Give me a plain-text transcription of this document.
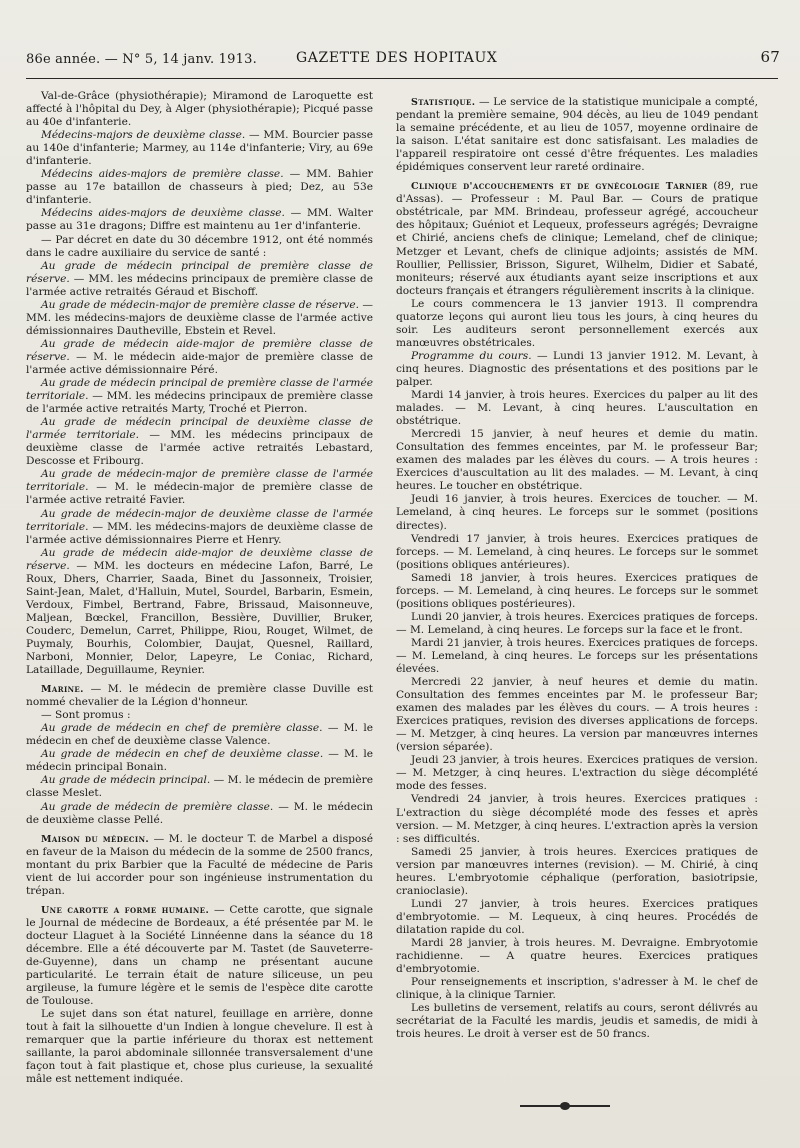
86e année. — N° 5, 14 janv. 1913.	GAZETTE DES HOPITAUX	67

Val-de-Grâce (physiothérapie); Miramond de Laroquette est affecté à l'hôpital du Dey, à Alger (physiothérapie); Picqué passe au 40e d'infanterie.

Médecins-majors de deuxième classe. — MM. Bourcier passe au 140e d'infanterie; Marmey, au 114e d'infanterie; Viry, au 69e d'infanterie.

Médecins aides-majors de première classe. — MM. Bahier passe au 17e bataillon de chasseurs à pied; Dez, au 53e d'infanterie.

Médecins aides-majors de deuxième classe. — MM. Walter passe au 31e dragons; Diffre est maintenu au 1er d'infanterie.

— Par décret en date du 30 décembre 1912, ont été nommés dans le cadre auxiliaire du service de santé :

Au grade de médecin principal de première classe de réserve. — MM. les médecins principaux de première classe de l'armée active retraités Géraud et Bischoff.

Au grade de médecin-major de première classe de réserve. — MM. les médecins-majors de deuxième classe de l'armée active démissionnaires Dautheville, Ebstein et Revel.

Au grade de médecin aide-major de première classe de réserve. — M. le médecin aide-major de première classe de l'armée active démissionnaire Péré.

Au grade de médecin principal de première classe de l'armée territoriale. — MM. les médecins principaux de première classe de l'armée active retraités Marty, Troché et Pierron.

Au grade de médecin principal de deuxième classe de l'armée territoriale. — MM. les médecins principaux de deuxième classe de l'armée active retraités Lebastard, Descosse et Fribourg.

Au grade de médecin-major de première classe de l'armée territoriale. — M. le médecin-major de première classe de l'armée active retraité Favier.

Au grade de médecin-major de deuxième classe de l'armée territoriale. — MM. les médecins-majors de deuxième classe de l'armée active démissionnaires Pierre et Henry.

Au grade de médecin aide-major de deuxième classe de réserve. — MM. les docteurs en médecine Lafon, Barré, Le Roux, Dhers, Charrier, Saada, Binet du Jassonneix, Troisier, Saint-Jean, Malet, d'Halluin, Mutel, Sourdel, Barbarin, Esmein, Verdoux, Fimbel, Bertrand, Fabre, Brissaud, Maisonneuve, Maljean, Bœckel, Francillon, Bessière, Duvillier, Bruker, Couderc, Demelun, Carret, Philippe, Riou, Rouget, Wilmet, de Puymaly, Bourhis, Colombier, Daujat, Quesnel, Raillard, Narboni, Monnier, Delor, Lapeyre, Le Coniac, Richard, Lataillade, Deguillaume, Reynier.

Marine. — M. le médecin de première classe Duville est nommé chevalier de la Légion d'honneur.

— Sont promus :

Au grade de médecin en chef de première classe. — M. le médecin en chef de deuxième classe Valence.

Au grade de médecin en chef de deuxième classe. — M. le médecin principal Bonain.

Au grade de médecin principal. — M. le médecin de première classe Meslet.

Au grade de médecin de première classe. — M. le médecin de deuxième classe Pellé.

Maison du médecin. — M. le docteur T. de Marbel a disposé en faveur de la Maison du médecin de la somme de 2500 francs, montant du prix Barbier que la Faculté de médecine de Paris vient de lui accorder pour son ingénieuse instrumentation du trépan.

Une carotte a forme humaine. — Cette carotte, que signale le Journal de médecine de Bordeaux, a été présentée par M. le docteur Llaguet à la Société Linnéenne dans la séance du 18 décembre. Elle a été découverte par M. Tastet (de Sauveterre-de-Guyenne), dans un champ ne présentant aucune particularité. Le terrain était de nature siliceuse, un peu argileuse, la fumure légère et le semis de l'espèce dite carotte de Toulouse.

Le sujet dans son état naturel, feuillage en arrière, donne tout à fait la silhouette d'un Indien à longue chevelure. Il est à remarquer que la partie inférieure du thorax est nettement saillante, la paroi abdominale sillonnée transversalement d'une façon tout à fait plastique et, chose plus curieuse, la sexualité mâle est nettement indiquée.

Statistique. — Le service de la statistique municipale a compté, pendant la première semaine, 904 décès, au lieu de 1049 pendant la semaine précédente, et au lieu de 1057, moyenne ordinaire de la saison. L'état sanitaire est donc satisfaisant. Les maladies de l'appareil respiratoire ont cessé d'être fréquentes. Les maladies épidémiques conservent leur rareté ordinaire.

Clinique d'accouchements et de gynécologie Tarnier (89, rue d'Assas). — Professeur : M. Paul Bar. — Cours de pratique obstétricale, par MM. Brindeau, professeur agrégé, accoucheur des hôpitaux; Guéniot et Lequeux, professeurs agrégés; Devraigne et Chirié, anciens chefs de clinique; Lemeland, chef de clinique; Metzger et Levant, chefs de clinique adjoints; assistés de MM. Roullier, Pellissier, Brisson, Siguret, Wilhelm, Didier et Sabaté, moniteurs; réservé aux étudiants ayant seize inscriptions et aux docteurs français et étrangers régulièrement inscrits à la clinique.

Le cours commencera le 13 janvier 1913. Il comprendra quatorze leçons qui auront lieu tous les jours, à cinq heures du soir. Les auditeurs seront personnellement exercés aux manœuvres obstétricales.

Programme du cours. — Lundi 13 janvier 1912. M. Levant, à cinq heures. Diagnostic des présentations et des positions par le palper.

Mardi 14 janvier, à trois heures. Exercices du palper au lit des malades. — M. Levant, à cinq heures. L'auscultation en obstétrique.

Mercredi 15 janvier, à neuf heures et demie du matin. Consultation des femmes enceintes, par M. le professeur Bar; examen des malades par les élèves du cours. — A trois heures : Exercices d'auscultation au lit des malades. — M. Levant, à cinq heures. Le toucher en obstétrique.

Jeudi 16 janvier, à trois heures. Exercices de toucher. — M. Lemeland, à cinq heures. Le forceps sur le sommet (positions directes).

Vendredi 17 janvier, à trois heures. Exercices pratiques de forceps. — M. Lemeland, à cinq heures. Le forceps sur le sommet (positions obliques antérieures).

Samedi 18 janvier, à trois heures. Exercices pratiques de forceps. — M. Lemeland, à cinq heures. Le forceps sur le sommet (positions obliques postérieures).

Lundi 20 janvier, à trois heures. Exercices pratiques de forceps. — M. Lemeland, à cinq heures. Le forceps sur la face et le front.

Mardi 21 janvier, à trois heures. Exercices pratiques de forceps. — M. Lemeland, à cinq heures. Le forceps sur les présentations élevées.

Mercredi 22 janvier, à neuf heures et demie du matin. Consultation des femmes enceintes par M. le professeur Bar; examen des malades par les élèves du cours. — A trois heures : Exercices pratiques, revision des diverses applications de forceps. — M. Metzger, à cinq heures. La version par manœuvres internes (version séparée).

Jeudi 23 janvier, à trois heures. Exercices pratiques de version. — M. Metzger, à cinq heures. L'extraction du siège décomplété mode des fesses.

Vendredi 24 janvier, à trois heures. Exercices pratiques : L'extraction du siège décomplété mode des fesses et après version. — M. Metzger, à cinq heures. L'extraction après la version : ses difficultés.

Samedi 25 janvier, à trois heures. Exercices pratiques de version par manœuvres internes (revision). — M. Chirié, à cinq heures. L'embryotomie céphalique (perforation, basiotripsie, cranioclasie).

Lundi 27 janvier, à trois heures. Exercices pratiques d'embryotomie. — M. Lequeux, à cinq heures. Procédés de dilatation rapide du col.

Mardi 28 janvier, à trois heures. M. Devraigne. Embryotomie rachidienne. — A quatre heures. Exercices pratiques d'embryotomie.

Pour renseignements et inscription, s'adresser à M. le chef de clinique, à la clinique Tarnier.

Les bulletins de versement, relatifs au cours, seront délivrés au secrétariat de la Faculté les mardis, jeudis et samedis, de midi à trois heures. Le droit à verser est de 50 francs.
